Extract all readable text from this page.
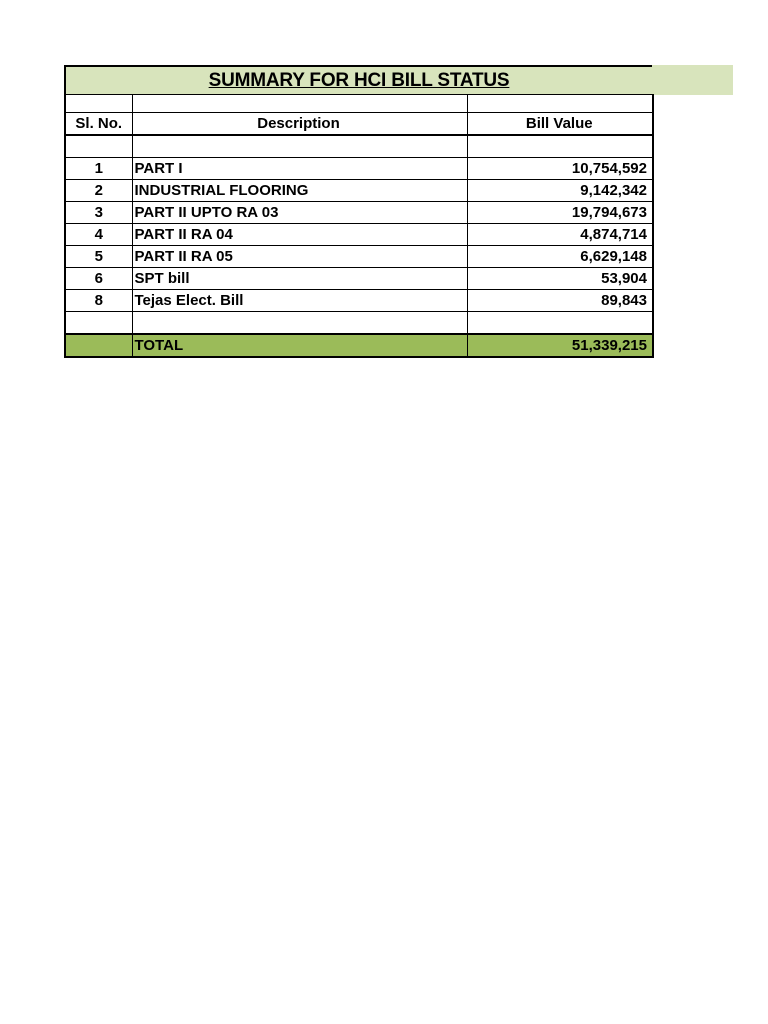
SUMMARY FOR HCI BILL STATUS

Sl. No.	Description	Bill Value

1	PART I	10,754,592
2	INDUSTRIAL FLOORING	9,142,342
3	PART II UPTO RA 03	19,794,673
4	PART II RA 04	4,874,714
5	PART II RA 05	6,629,148
6	SPT bill	53,904
8	Tejas Elect. Bill	89,843

	TOTAL	51,339,215
